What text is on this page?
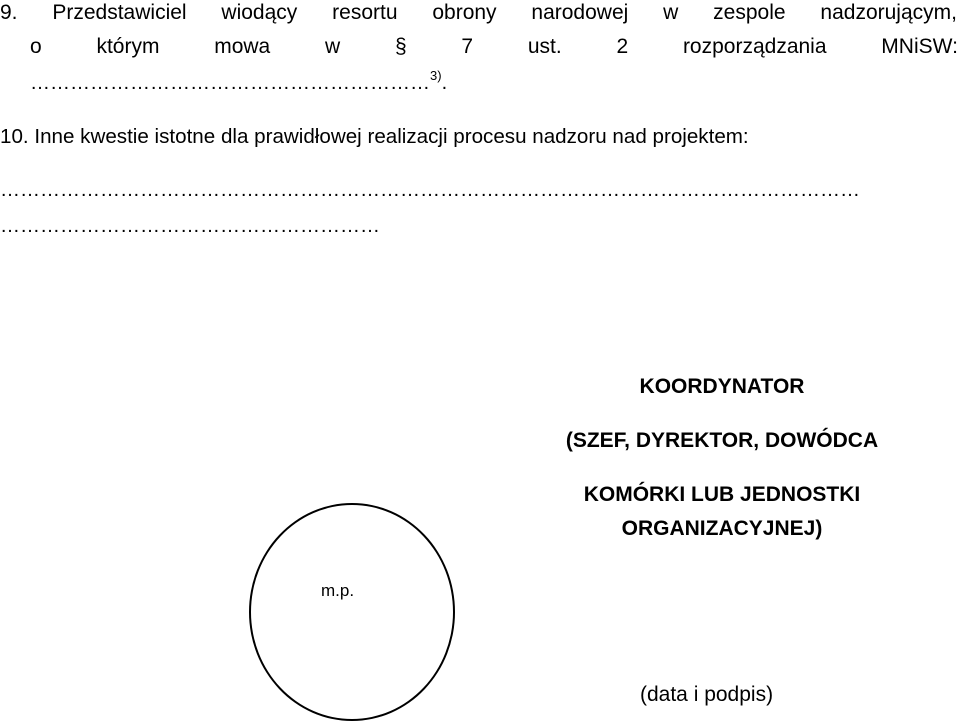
9. Przedstawiciel wiodący resortu obrony narodowej w zespole nadzorującym,
o	którym	mowa	w	§	7	ust.	2	rozporządzania	MNiSW:
……………………………………………………$^{3)}$.
10. Inne kwestie istotne dla prawidłowej realizacji procesu nadzoru nad projektem:
…………………………………………………………………………………………………………………
…………………………………………………
KOORDYNATOR
(SZEF, DYREKTOR, DOWÓDCA
KOMÓRKI LUB JEDNOSTKI
ORGANIZACYJNEJ)
m.p.
(data i podpis)
